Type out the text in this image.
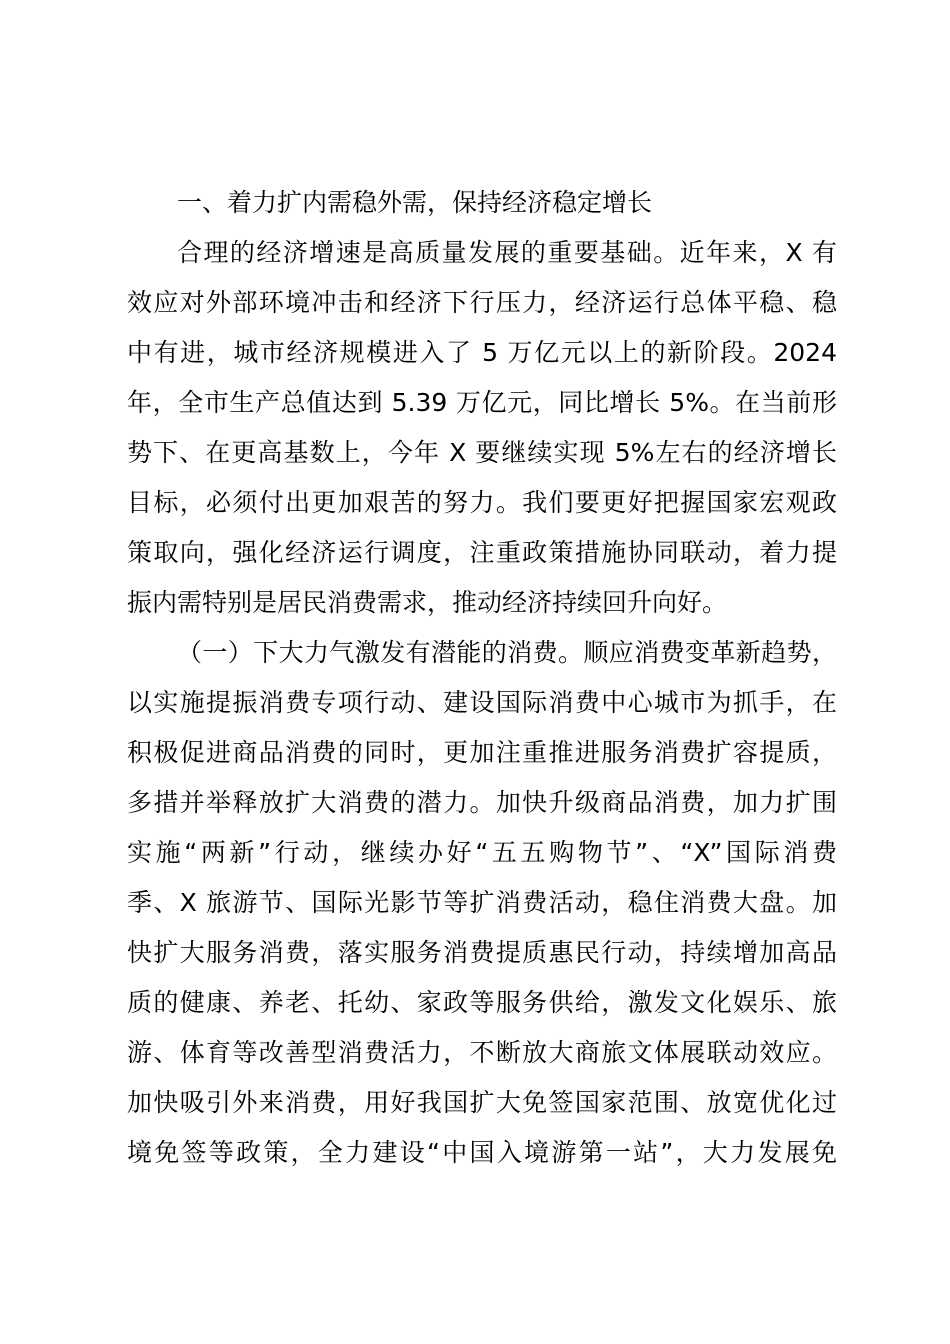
一、着力扩内需稳外需，保持经济稳定增长
合理的经济增速是高质量发展的重要基础。近年来，X 有
效应对外部环境冲击和经济下行压力，经济运行总体平稳、稳
中有进，城市经济规模进入了 5 万亿元以上的新阶段。2024
年，全市生产总值达到 5.39 万亿元，同比增长 5%。在当前形
势下、在更高基数上，今年 X 要继续实现 5%左右的经济增长
目标，必须付出更加艰苦的努力。我们要更好把握国家宏观政
策取向，强化经济运行调度，注重政策措施协同联动，着力提
振内需特别是居民消费需求，推动经济持续回升向好。
（一）下大力气激发有潜能的消费。顺应消费变革新趋势，
以实施提振消费专项行动、建设国际消费中心城市为抓手，在
积极促进商品消费的同时，更加注重推进服务消费扩容提质，
多措并举释放扩大消费的潜力。加快升级商品消费，加力扩围
实施“两新”行动，继续办好“五五购物节”、“X”国际消费
季、X 旅游节、国际光影节等扩消费活动，稳住消费大盘。加
快扩大服务消费，落实服务消费提质惠民行动，持续增加高品
质的健康、养老、托幼、家政等服务供给，激发文化娱乐、旅
游、体育等改善型消费活力，不断放大商旅文体展联动效应。
加快吸引外来消费，用好我国扩大免签国家范围、放宽优化过
境免签等政策，全力建设“中国入境游第一站”，大力发展免
